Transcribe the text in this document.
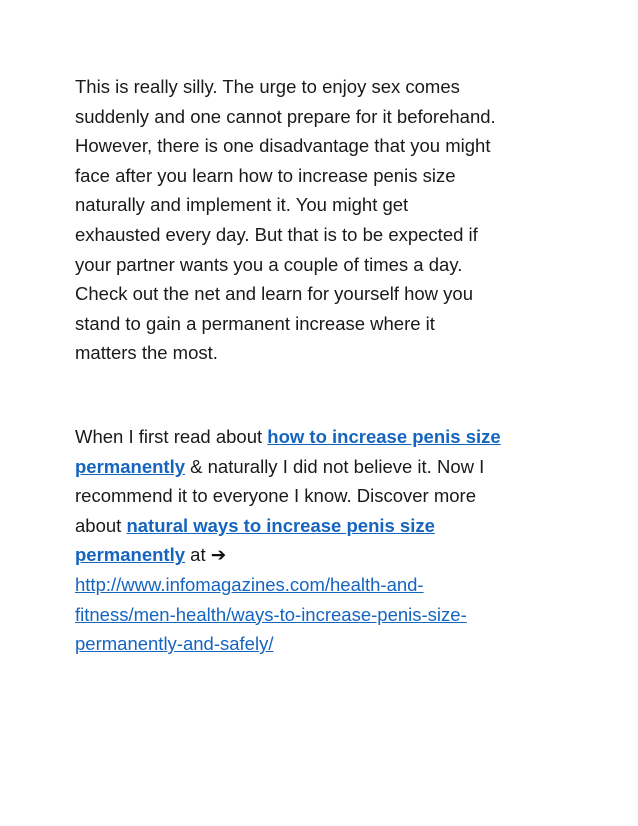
This is really silly. The urge to enjoy sex comes
suddenly and one cannot prepare for it beforehand.
However, there is one disadvantage that you might
face after you learn how to increase penis size
naturally and implement it. You might get
exhausted every day. But that is to be expected if
your partner wants you a couple of times a day.
Check out the net and learn for yourself how you
stand to gain a permanent increase where it
matters the most.
When I first read about how to increase penis size
permanently & naturally I did not believe it. Now I
recommend it to everyone I know. Discover more
about natural ways to increase penis size
permanently at ➔
http://www.infomagazines.com/health-and-
fitness/men-health/ways-to-increase-penis-size-
permanently-and-safely/
